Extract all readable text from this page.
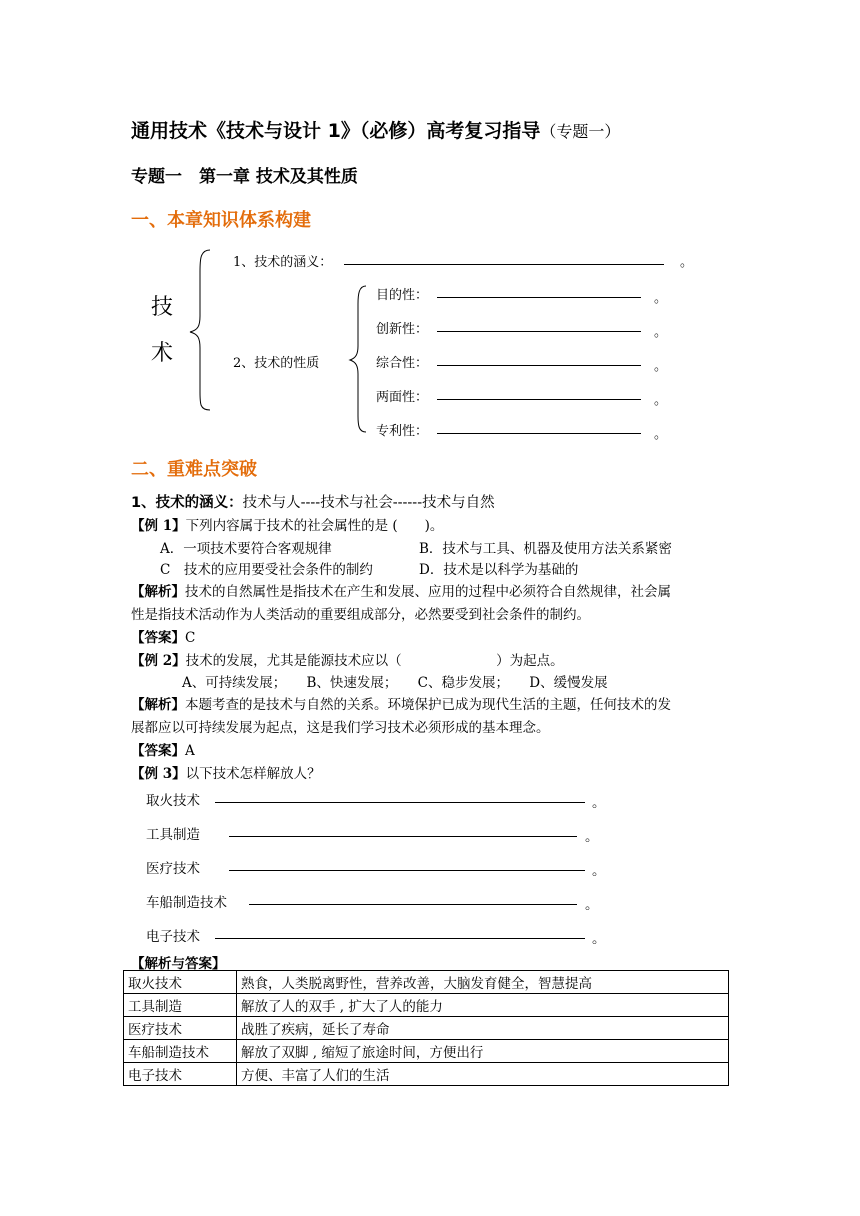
通用技术《技术与设计 1》（必修）高考复习指导（专题一）
专题一　第一章 技术及其性质
一、本章知识体系构建
技
术
1、技术的涵义：	。
2、技术的性质
目的性：	。
创新性：	。
综合性：	。
两面性：	。
专利性：	。
二、重难点突破
1、技术的涵义：技术与人----技术与社会------技术与自然
【例 1】下列内容属于技术的社会属性的是 (　　)。
A．一项技术要符合客观规律	B．技术与工具、机器及使用方法关系紧密
C　技术的应用要受社会条件的制约	D．技术是以科学为基础的
【解析】技术的自然属性是指技术在产生和发展、应用的过程中必须符合自然规律，社会属
性是指技术活动作为人类活动的重要组成部分，必然要受到社会条件的制约。
【答案】C
【例 2】技术的发展，尤其是能源技术应以（　　　　　　　）为起点。
A、可持续发展；　　B、快速发展；　　C、稳步发展；　　D、缓慢发展
【解析】本题考查的是技术与自然的关系。环境保护已成为现代生活的主题，任何技术的发
展都应以可持续发展为起点，这是我们学习技术必须形成的基本理念。
【答案】A
【例 3】以下技术怎样解放人？
取火技术	。
工具制造	。
医疗技术	。
车船制造技术	。
电子技术	。
【解析与答案】
取火技术	熟食，人类脱离野性，营养改善，大脑发育健全，智慧提高
工具制造	解放了人的双手 , 扩大了人的能力
医疗技术	战胜了疾病，延长了寿命
车船制造技术	解放了双脚 , 缩短了旅途时间，方便出行
电子技术	方便、丰富了人们的生活
